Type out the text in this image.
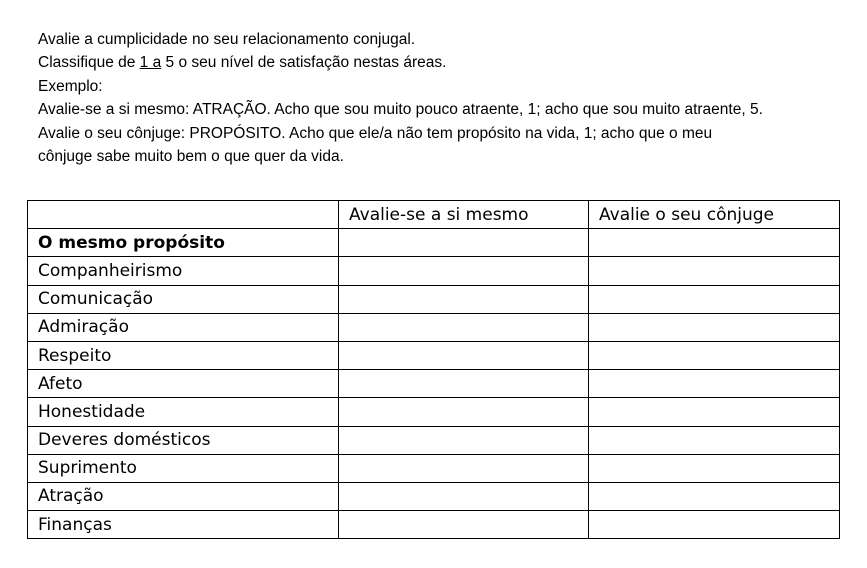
Avalie a cumplicidade no seu relacionamento conjugal.
Classifique de 1 a 5 o seu nível de satisfação nestas áreas.
Exemplo:
Avalie-se a si mesmo: ATRAÇÃO. Acho que sou muito pouco atraente, 1; acho que sou muito atraente, 5.
Avalie o seu cônjuge: PROPÓSITO. Acho que ele/a não tem propósito na vida, 1; acho que o meu
cônjuge sabe muito bem o que quer da vida.
	Avalie-se a si mesmo	Avalie o seu cônjuge
O mesmo propósito		
Companheirismo		
Comunicação		
Admiração		
Respeito		
Afeto		
Honestidade		
Deveres domésticos		
Suprimento		
Atração		
Finanças		
